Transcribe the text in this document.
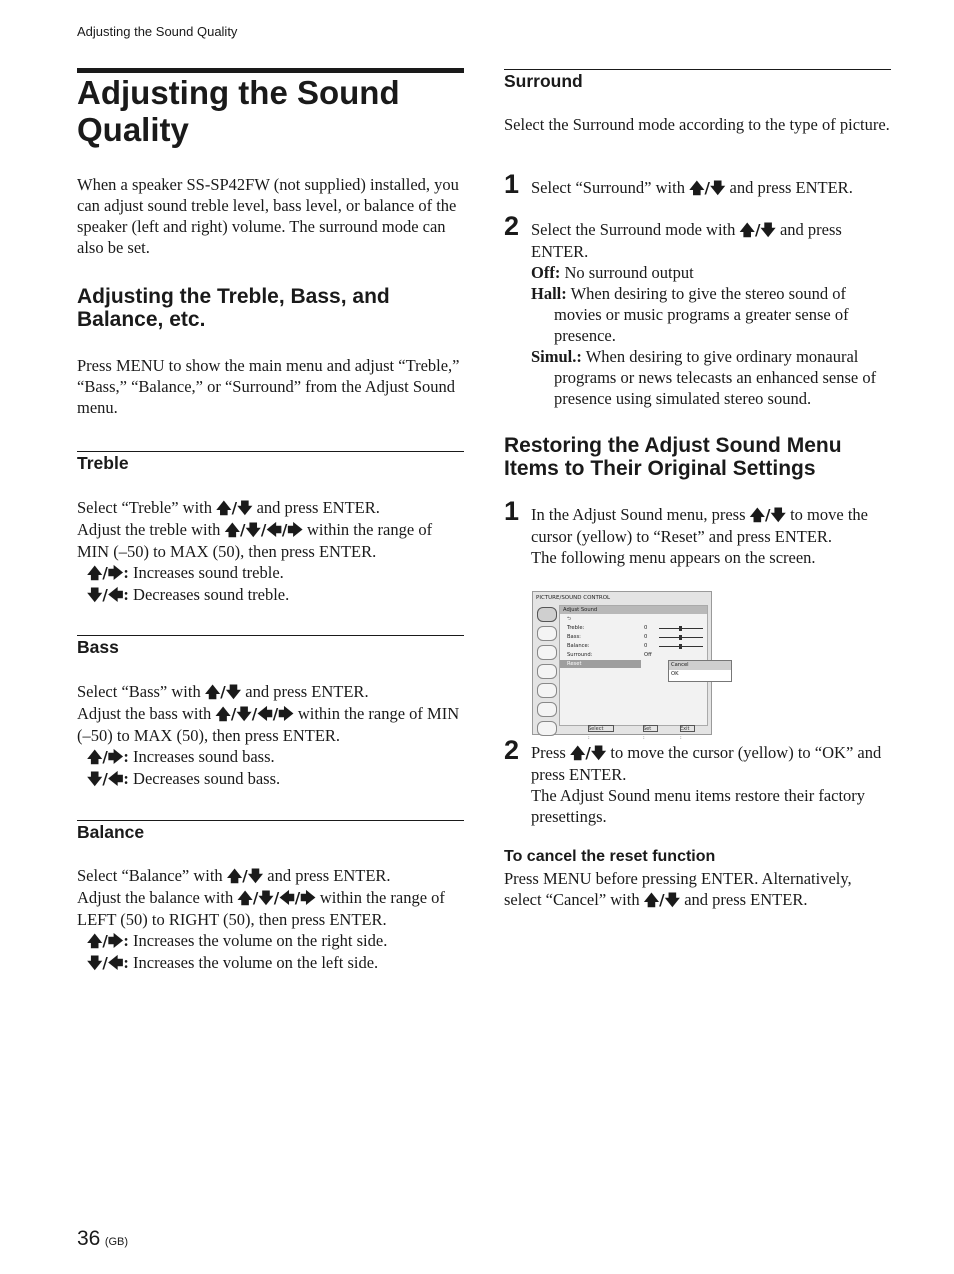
Adjusting the Sound Quality
Adjusting the Sound Quality

When a speaker SS-SP42FW (not supplied) installed, you can adjust sound treble level, bass level, or balance of the speaker (left and right) volume. The surround mode can also be set.

Adjusting the Treble, Bass, and Balance, etc.

Press MENU to show the main menu and adjust “Treble,” “Bass,” “Balance,” or “Surround” from the Adjust Sound menu.

Treble

Select “Treble” with 🡅/🡇 and press ENTER.

Adjust the treble with 🡅/🡇/🡄/🡆 within the range of MIN (–50) to MAX (50), then press ENTER.

🡅/🡆: Increases sound treble.

🡇/🡄: Decreases sound treble.

Bass

Select “Bass” with 🡅/🡇 and press ENTER.

Adjust the bass with 🡅/🡇/🡄/🡆 within the range of MIN (–50) to MAX (50), then press ENTER.

🡅/🡆: Increases sound bass.

🡇/🡄: Decreases sound bass.

Balance

Select “Balance” with 🡅/🡇 and press ENTER.

Adjust the balance with 🡅/🡇/🡄/🡆 within the range of LEFT (50) to RIGHT (50), then press ENTER.

🡅/🡆: Increases the volume on the right side.

🡇/🡄: Increases the volume on the left side.

Surround

Select the Surround mode according to the type of picture.

1 Select “Surround” with 🡅/🡇 and press ENTER.

2 Select the Surround mode with 🡅/🡇 and press ENTER.

Off: No surround output

Hall: When desiring to give the stereo sound of movies or music programs a greater sense of presence.

Simul.: When desiring to give ordinary monaural programs or news telecasts an enhanced sense of presence using simulated stereo sound.

Restoring the Adjust Sound Menu Items to Their Original Settings
1 In the Adjust Sound menu, press 🡅/🡇 to move the cursor (yellow) to “Reset” and press ENTER.

The following menu appears on the screen.

PICTURE/SOUND CONTROL
Adjust Sound
⮌
Treble:	0
Bass:	0
Balance:	0
Surround:	Off
Reset	Cancel
OK
Select :
Set :
Exit :
2 Press 🡅/🡇 to move the cursor (yellow) to “OK” and press ENTER.

The Adjust Sound menu items restore their factory presettings.

To cancel the reset function

Press MENU before pressing ENTER. Alternatively, select “Cancel” with 🡅/🡇 and press ENTER.

36 (GB)
